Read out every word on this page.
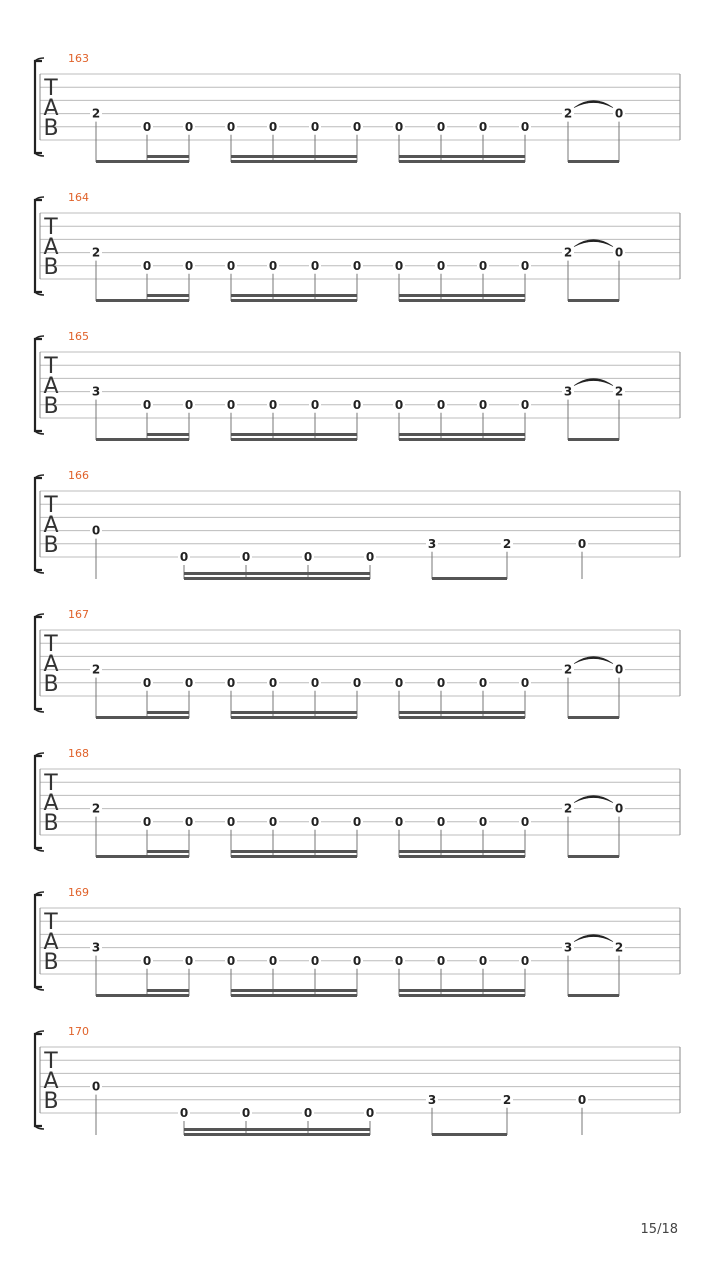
T
A
B
163
2
0	0	0	0	0	0	0	0	0	0
2	0
T
A
B
164
2
0	0	0	0	0	0	0	0	0	0
2	0
T
A
B
165
3
0	0	0	0	0	0	0	0	0	0
3	2
T
A
B
166
0
0	0	0	0
3	2	0
T
A
B
167
2
0	0	0	0	0	0	0	0	0	0
2	0
T
A
B
168
2
0	0	0	0	0	0	0	0	0	0
2	0
T
A
B
169
3
0	0	0	0	0	0	0	0	0	0
3	2
T
A
B
170
0
0	0	0	0
3	2	0
15/18
